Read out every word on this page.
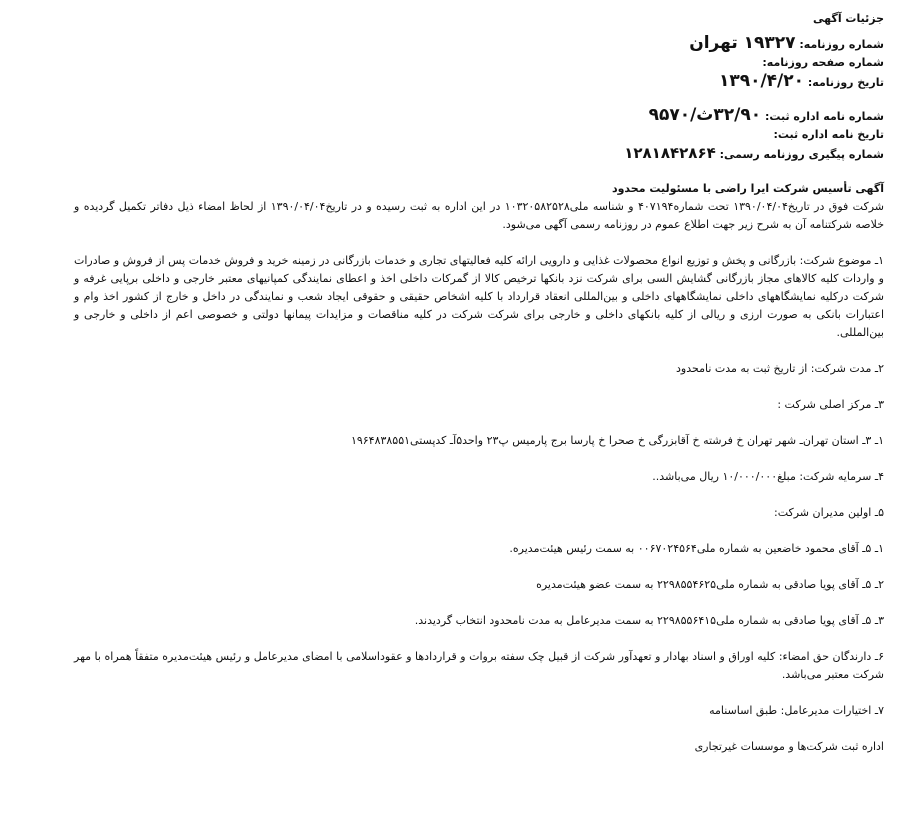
جزئیات آگهی
شماره روزنامه: ۱۹۳۲۷ تهران
شماره صفحه روزنامه:
تاریخ روزنامه: ۱۳۹۰/۴/۲۰
شماره نامه اداره ثبت: ۳۲/۹۰ث/۹۵۷۰
تاریخ نامه اداره ثبت:
شماره پیگیری روزنامه رسمی: ۱۲۸۱۸۴۲۸۶۴
آگهی تأسیس شرکت ایرا راضی با مسئولیت محدود

شرکت فوق در تاریخ۱۳۹۰/۰۴/۰۴ تحت شماره۴۰۷۱۹۴ و شناسه ملی۱۰۳۲۰۵۸۲۵۲۸ در این اداره به ثبت رسیده و در تاریخ۱۳۹۰/۰۴/۰۴ از لحاظ امضاء ذیل دفاتر تکمیل گردیده و خلاصه شرکتنامه آن به شرح زیر جهت اطلاع عموم در روزنامه رسمی آگهی می‌شود.

۱ـ موضوع شرکت: بازرگانی و پخش و توزیع انواع محصولات غذایی و دارویی ارائه کلیه فعالیتهای تجاری و خدمات بازرگانی در زمینه خرید و فروش خدمات پس از فروش و صادرات و واردات کلیه کالاهای مجاز بازرگانی گشایش السی برای شرکت نزد بانکها ترخیص کالا از گمرکات داخلی اخذ و اعطای نمایندگی کمپانیهای معتبر خارجی و داخلی برپایی غرفه و شرکت درکلیه نمایشگاههای داخلی نمایشگاههای داخلی و بین‌المللی انعقاد قرارداد با کلیه اشخاص حقیقی و حقوقی ایجاد شعب و نمایندگی در داخل و خارج از کشور اخذ وام و اعتبارات بانکی به صورت ارزی و ریالی از کلیه بانکهای داخلی و خارجی برای شرکت شرکت در کلیه مناقصات و مزایدات پیمانها دولتی و خصوصی اعم از داخلی و خارجی و بین‌المللی.

۲ـ مدت شرکت: از تاریخ ثبت به مدت نامحدود

۳ـ مرکز اصلی شرکت :

۱ـ ۳ـ استان تهران‌ـ شهر تهران خ فرشته خ آقابزرگی خ صحرا خ پارسا برج پارمیس پ۲۳ واحد۵آـ کدپستی۱۹۶۴۸۳۸۵۵۱

۴ـ سرمایه شرکت: مبلغ۱۰/۰۰۰/۰۰۰ ریال می‌باشد..

۵ـ اولین مدیران شرکت:

۱ـ ۵ـ آقای محمود خاضعین به شماره ملی۰۰۶۷۰۲۴۵۶۴ به سمت رئیس هیئت‌مدیره.

۲ـ ۵ـ آقای پویا صادقی به شماره ملی۲۲۹۸۵۵۴۶۲۵ به سمت عضو هیئت‌مدیره

۳ـ ۵ـ آقای پویا صادقی به شماره ملی۲۲۹۸۵۵۶۴۱۵ به سمت مدیرعامل به مدت نامحدود انتخاب گردیدند.

۶ـ دارندگان حق امضاء: کلیه اوراق و اسناد بهادار و تعهدآور شرکت از قبیل چک سفته بروات و قراردادها و عقوداسلامی با امضای مدیرعامل و رئیس هیئت‌مدیره متفقاً همراه با مهر شرکت معتبر می‌باشد.

۷ـ اختیارات مدیرعامل: طبق اساسنامه

اداره ثبت شرکت‌ها و موسسات غیرتجاری
